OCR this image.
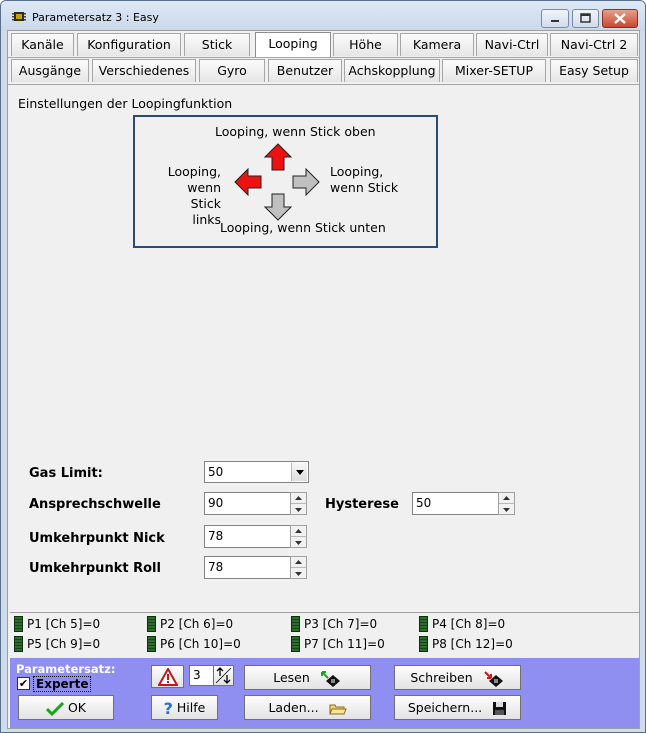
Parametersatz 3 : Easy
Kanäle	Konfiguration	Stick	Looping	Höhe	Kamera	Navi-Ctrl	Navi-Ctrl 2
Ausgänge	Verschiedenes	Gyro	Benutzer	Achskopplung	Mixer-SETUP	Easy Setup
Einstellungen der Loopingfunktion
Looping, wenn Stick oben
Looping, wenn Stick unten
Looping,
wenn Stick
links
Looping,
wenn Stick
Gas Limit:	50
Ansprechschwelle	90	Hysterese 50
Umkehrpunkt Nick	78
Umkehrpunkt Roll	78
P1 [Ch 5]=0	P2 [Ch 6]=0	P3 [Ch 7]=0	P4 [Ch 8]=0
P5 [Ch 9]=0	P6 [Ch 10]=0	P7 [Ch 11]=0	P8 [Ch 12]=0
Parametersatz:
✔ Experte
OK
3
? Hilfe
Lesen
Laden...
Schreiben
Speichern...
